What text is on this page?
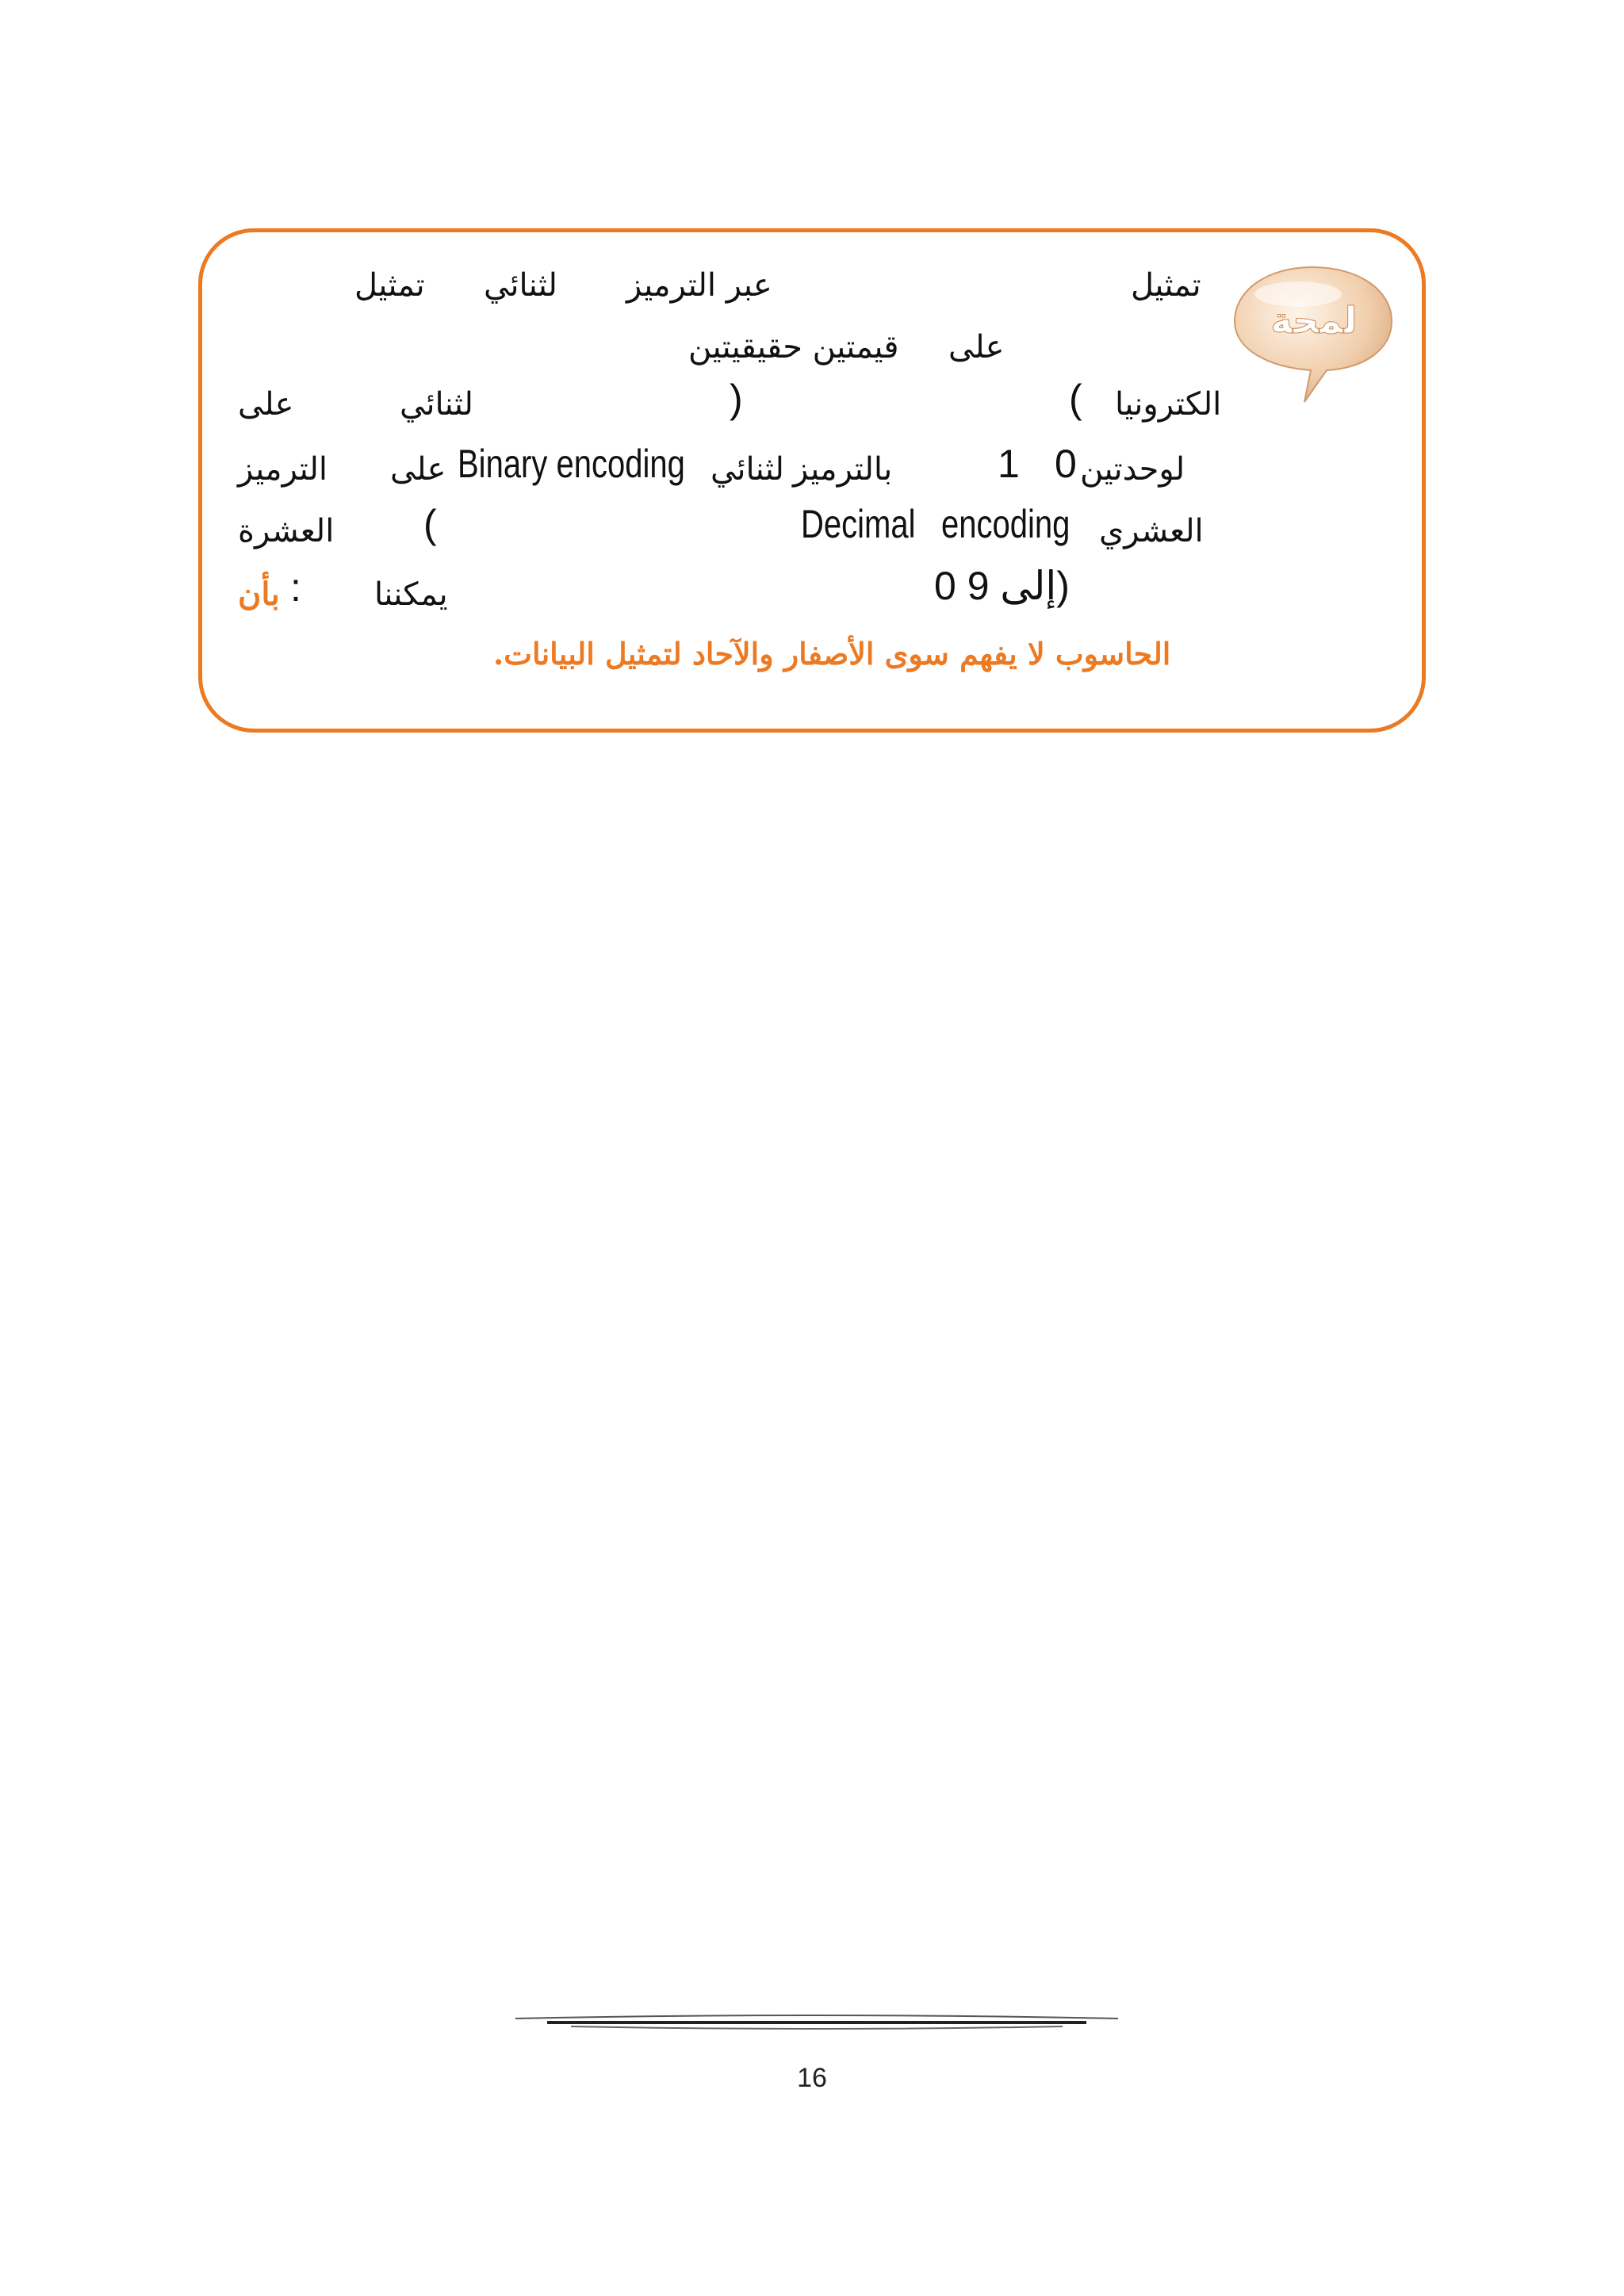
لمحة
تمثيل
عبر الترميز
لثنائي
تمثيل
على
قيمتين حقيقيتين
الكترونيا
(
)
لثنائي
على
لوحدتين
0
1
بالترميز
لثنائي
Binary encoding
على
الترميز
العشري
Decimal encoding
(
العشرة
0 إلى 9)
يمكننا
:
بأن
الحاسوب لا يفهم سوى الأصفار والآحاد لتمثيل البيانات.
16
